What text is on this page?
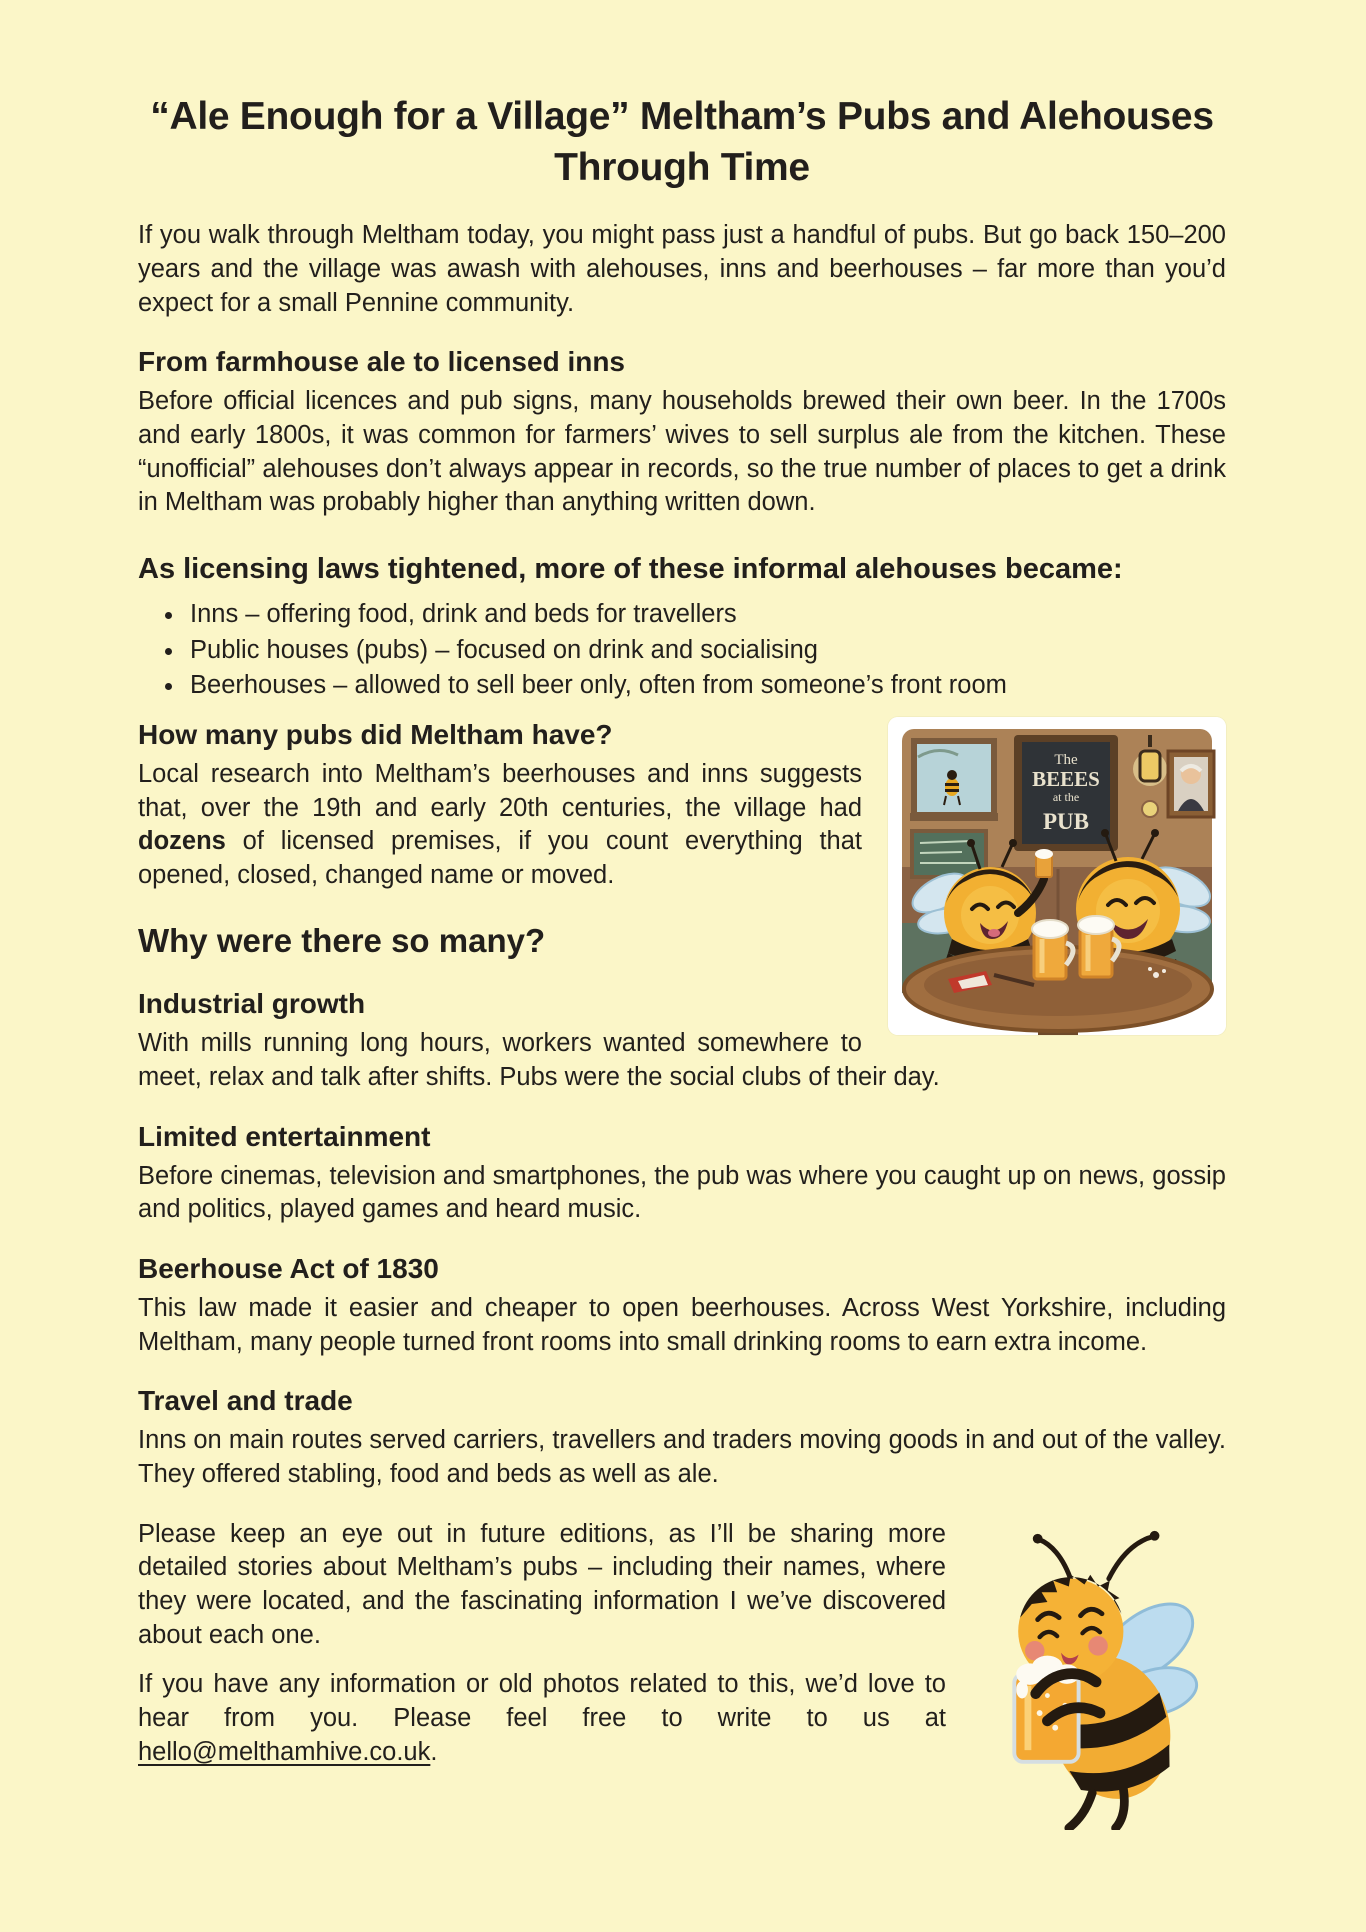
“Ale Enough for a Village” Meltham’s Pubs and Alehouses Through Time

If you walk through Meltham today, you might pass just a handful of pubs. But go back 150–200 years and the village was awash with alehouses, inns and beerhouses – far more than you’d expect for a small Pennine community.

From farmhouse ale to licensed inns

Before official licences and pub signs, many households brewed their own beer. In the 1700s and early 1800s, it was common for farmers’ wives to sell surplus ale from the kitchen. These “unofficial” alehouses don’t always appear in records, so the true number of places to get a drink in Meltham was probably higher than anything written down.

As licensing laws tightened, more of these informal alehouses became:
• Inns – offering food, drink and beds for travellers
• Public houses (pubs) – focused on drink and socialising
• Beerhouses – allowed to sell beer only, often from someone’s front room
The
BEEES
at the
PUB
How many pubs did Meltham have?

Local research into Meltham’s beerhouses and inns suggests that, over the 19th and early 20th centuries, the village had dozens of licensed premises, if you count everything that opened, closed, changed name or moved.

Why were there so many?
Industrial growth

With mills running long hours, workers wanted somewhere to meet, relax and talk after shifts. Pubs were the social clubs of their day.

Limited entertainment

Before cinemas, television and smartphones, the pub was where you caught up on news, gossip and politics, played games and heard music.

Beerhouse Act of 1830

This law made it easier and cheaper to open beerhouses. Across West Yorkshire, including Meltham, many people turned front rooms into small drinking rooms to earn extra income.

Travel and trade

Inns on main routes served carriers, travellers and traders moving goods in and out of the valley. They offered stabling, food and beds as well as ale.

Please keep an eye out in future editions, as I’ll be sharing more detailed stories about Meltham’s pubs – including their names, where they were located, and the fascinating information I we’ve discovered about each one.

If you have any information or old photos related to this, we’d love to hear from you. Please feel free to write to us at hello@melthamhive.co.uk.
